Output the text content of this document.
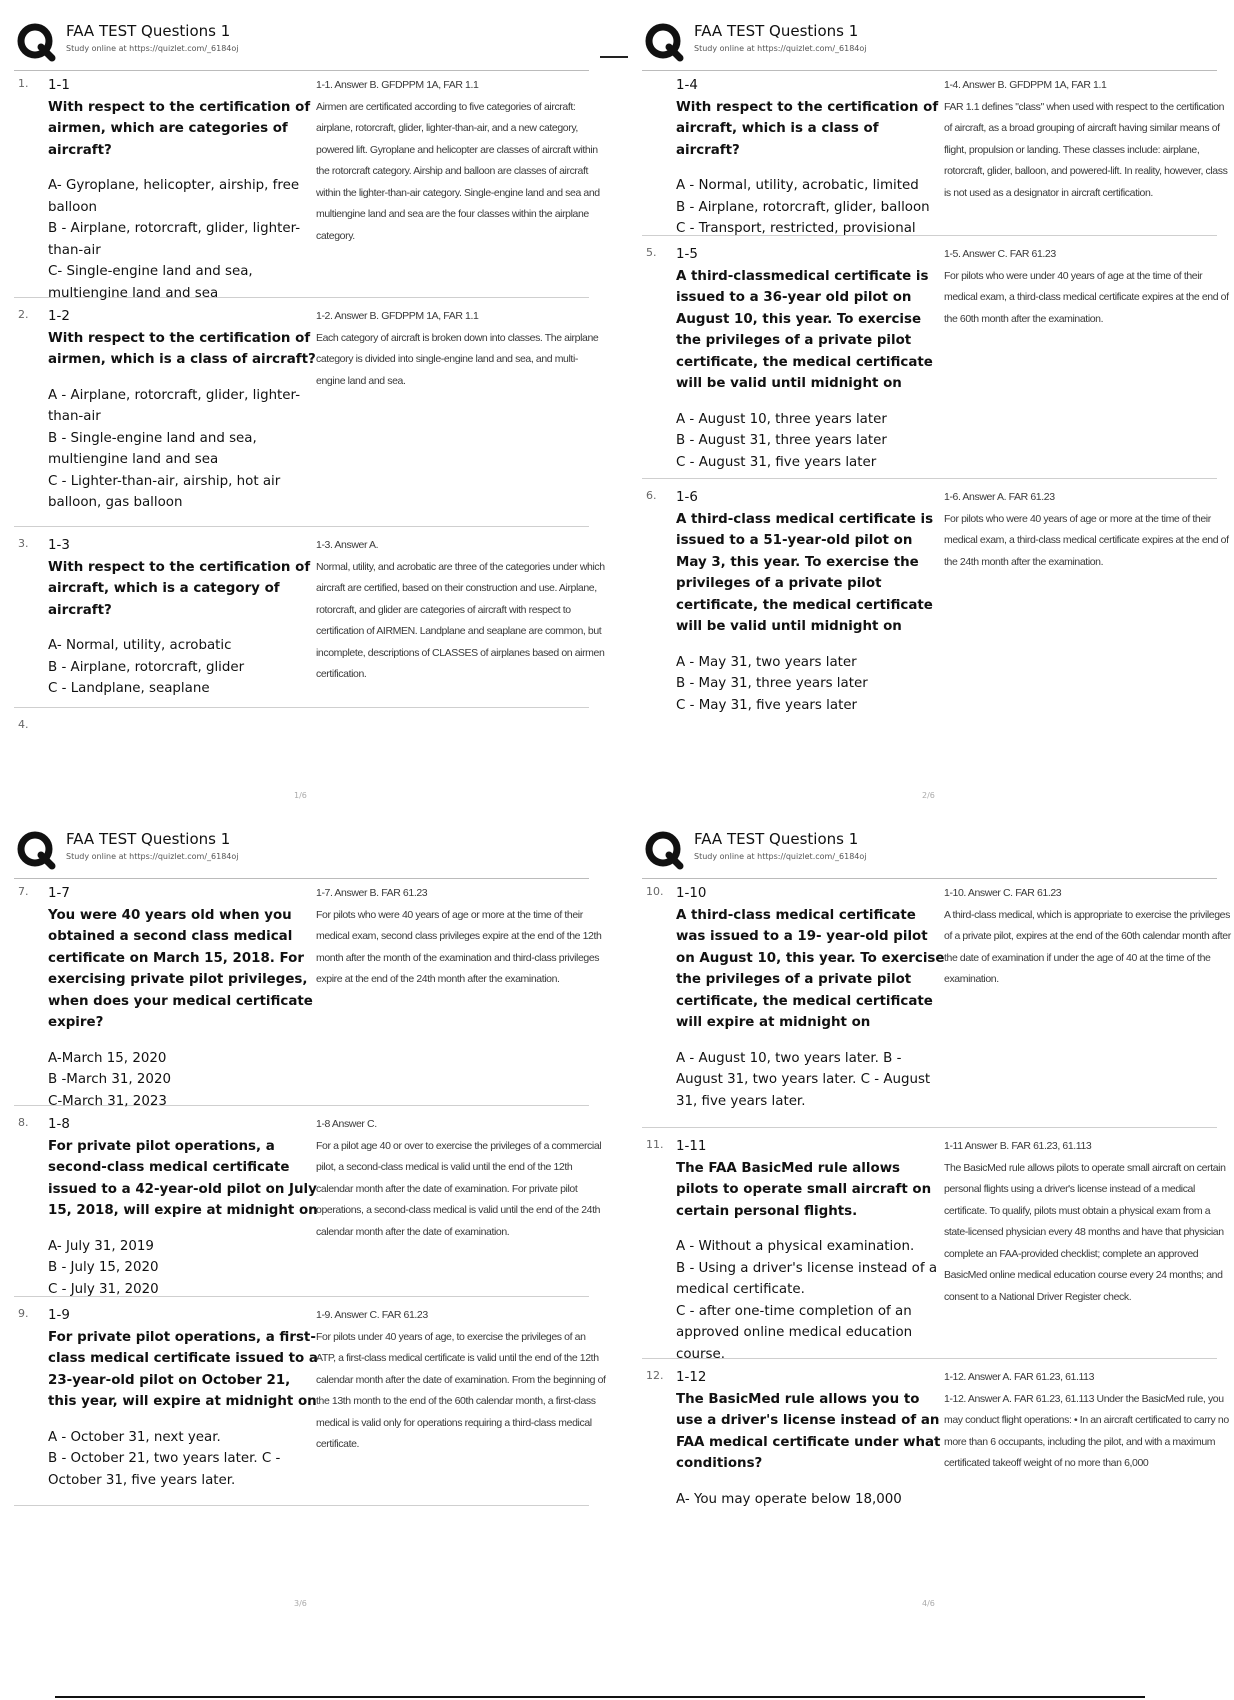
FAA TEST Questions 1
Study online at https://quizlet.com/_6184oj
1. 1-1
With respect to the certification of airmen, which are categories of aircraft?
A- Gyroplane, helicopter, airship, free balloon
B - Airplane, rotorcraft, glider, lighter-than-air
C- Single-engine land and sea, multiengine land and sea
1-1. Answer B. GFDPPM 1A, FAR 1.1
Airmen are certificated according to five categories of aircraft: airplane, rotorcraft, glider, lighter-than-air, and a new category, powered lift. Gyroplane and helicopter are classes of aircraft within the rotorcraft category. Airship and balloon are classes of aircraft within the lighter-than-air category. Single-engine land and sea and multiengine land and sea are the four classes within the airplane category.
2. 1-2
With respect to the certification of airmen, which is a class of aircraft?
A - Airplane, rotorcraft, glider, lighter-than-air
B - Single-engine land and sea, multiengine land and sea
C - Lighter-than-air, airship, hot air balloon, gas balloon
1-2. Answer B. GFDPPM 1A, FAR 1.1
Each category of aircraft is broken down into classes. The airplane category is divided into single-engine land and sea, and multi-engine land and sea.
3. 1-3
With respect to the certification of aircraft, which is a category of aircraft?
A- Normal, utility, acrobatic
B - Airplane, rotorcraft, glider
C - Landplane, seaplane
1-3. Answer A.
Normal, utility, and acrobatic are three of the categories under which aircraft are certified, based on their construction and use. Airplane, rotorcraft, and glider are categories of aircraft with respect to certification of AIRMEN. Landplane and seaplane are common, but incomplete, descriptions of CLASSES of airplanes based on airmen certification.
4.
1/6
FAA TEST Questions 1
Study online at https://quizlet.com/_6184oj
1-4
With respect to the certification of aircraft, which is a class of aircraft?
A - Normal, utility, acrobatic, limited
B - Airplane, rotorcraft, glider, balloon
C - Transport, restricted, provisional
1-4. Answer B. GFDPPM 1A, FAR 1.1
FAR 1.1 defines "class" when used with respect to the certification of aircraft, as a broad grouping of aircraft having similar means of flight, propulsion or landing. These classes include: airplane, rotorcraft, glider, balloon, and powered-lift. In reality, however, class is not used as a designator in aircraft certification.
5. 1-5
A third-classmedical certificate is issued to a 36-year old pilot on August 10, this year. To exercise the privileges of a private pilot certificate, the medical certificate will be valid until midnight on
A - August 10, three years later
B - August 31, three years later
C - August 31, five years later
1-5. Answer C. FAR 61.23
For pilots who were under 40 years of age at the time of their medical exam, a third-class medical certificate expires at the end of the 60th month after the examination.
6. 1-6
A third-class medical certificate is issued to a 51-year-old pilot on May 3, this year. To exercise the privileges of a private pilot certificate, the medical certificate will be valid until midnight on
A - May 31, two years later
B - May 31, three years later
C - May 31, five years later
1-6. Answer A. FAR 61.23
For pilots who were 40 years of age or more at the time of their medical exam, a third-class medical certificate expires at the end of the 24th month after the examination.
2/6
FAA TEST Questions 1
Study online at https://quizlet.com/_6184oj
7. 1-7
You were 40 years old when you obtained a second class medical certificate on March 15, 2018. For exercising private pilot privileges, when does your medical certificate expire?
A-March 15, 2020
B -March 31, 2020
C-March 31, 2023
1-7. Answer B. FAR 61.23
For pilots who were 40 years of age or more at the time of their medical exam, second class privileges expire at the end of the 12th month after the month of the examination and third-class privileges expire at the end of the 24th month after the examination.
8. 1-8
For private pilot operations, a second-class medical certificate issued to a 42-year-old pilot on July 15, 2018, will expire at midnight on
A- July 31, 2019
B - July 15, 2020
C - July 31, 2020
1-8 Answer C.
For a pilot age 40 or over to exercise the privileges of a commercial pilot, a second-class medical is valid until the end of the 12th calendar month after the date of examination. For private pilot operations, a second-class medical is valid until the end of the 24th calendar month after the date of examination.
9. 1-9
For private pilot operations, a first-class medical certificate issued to a 23-year-old pilot on October 21, this year, will expire at midnight on
A - October 31, next year.
B - October 21, two years later. C - October 31, five years later.
1-9. Answer C. FAR 61.23
For pilots under 40 years of age, to exercise the privileges of an ATP, a first-class medical certificate is valid until the end of the 12th calendar month after the date of examination. From the beginning of the 13th month to the end of the 60th calendar month, a first-class medical is valid only for operations requiring a third-class medical certificate.
3/6
FAA TEST Questions 1
Study online at https://quizlet.com/_6184oj
10. 1-10
A third-class medical certificate was issued to a 19- year-old pilot on August 10, this year. To exercise the privileges of a private pilot certificate, the medical certificate will expire at midnight on
A - August 10, two years later. B - August 31, two years later. C - August 31, five years later.
1-10. Answer C. FAR 61.23
A third-class medical, which is appropriate to exercise the privileges of a private pilot, expires at the end of the 60th calendar month after the date of examination if under the age of 40 at the time of the examination.
11. 1-11
The FAA BasicMed rule allows pilots to operate small aircraft on certain personal flights.
A - Without a physical examination.
B - Using a driver's license instead of a medical certificate.
C - after one-time completion of an approved online medical education course.
1-11 Answer B. FAR 61.23, 61.113
The BasicMed rule allows pilots to operate small aircraft on certain personal flights using a driver's license instead of a medical certificate. To qualify, pilots must obtain a physical exam from a state-licensed physician every 48 months and have that physician complete an FAA-provided checklist; complete an approved BasicMed online medical education course every 24 months; and consent to a National Driver Register check.
12. 1-12
The BasicMed rule allows you to use a driver's license instead of an FAA medical certificate under what conditions?
A- You may operate below 18,000
1-12. Answer A. FAR 61.23, 61.113
1-12. Answer A. FAR 61.23, 61.113 Under the BasicMed rule, you may conduct flight operations: • In an aircraft certificated to carry no more than 6 occupants, including the pilot, and with a maximum certificated takeoff weight of no more than 6,000
4/6
